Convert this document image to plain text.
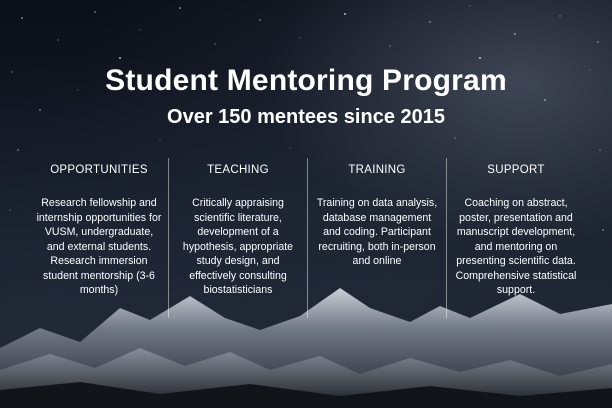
Student Mentoring Program
Over 150 mentees since 2015
OPPORTUNITIES
Research fellowship and internship opportunities for VUSM, undergraduate, and external students. Research immersion student mentorship (3-6 months)
TEACHING
Critically appraising scientific literature, development of a hypothesis, appropriate study design, and effectively consulting biostatisticians
TRAINING
Training on data analysis, database management and coding. Participant recruiting, both in-person and online
SUPPORT
Coaching on abstract, poster, presentation and manuscript development, and mentoring on presenting scientific data. Comprehensive statistical support.
